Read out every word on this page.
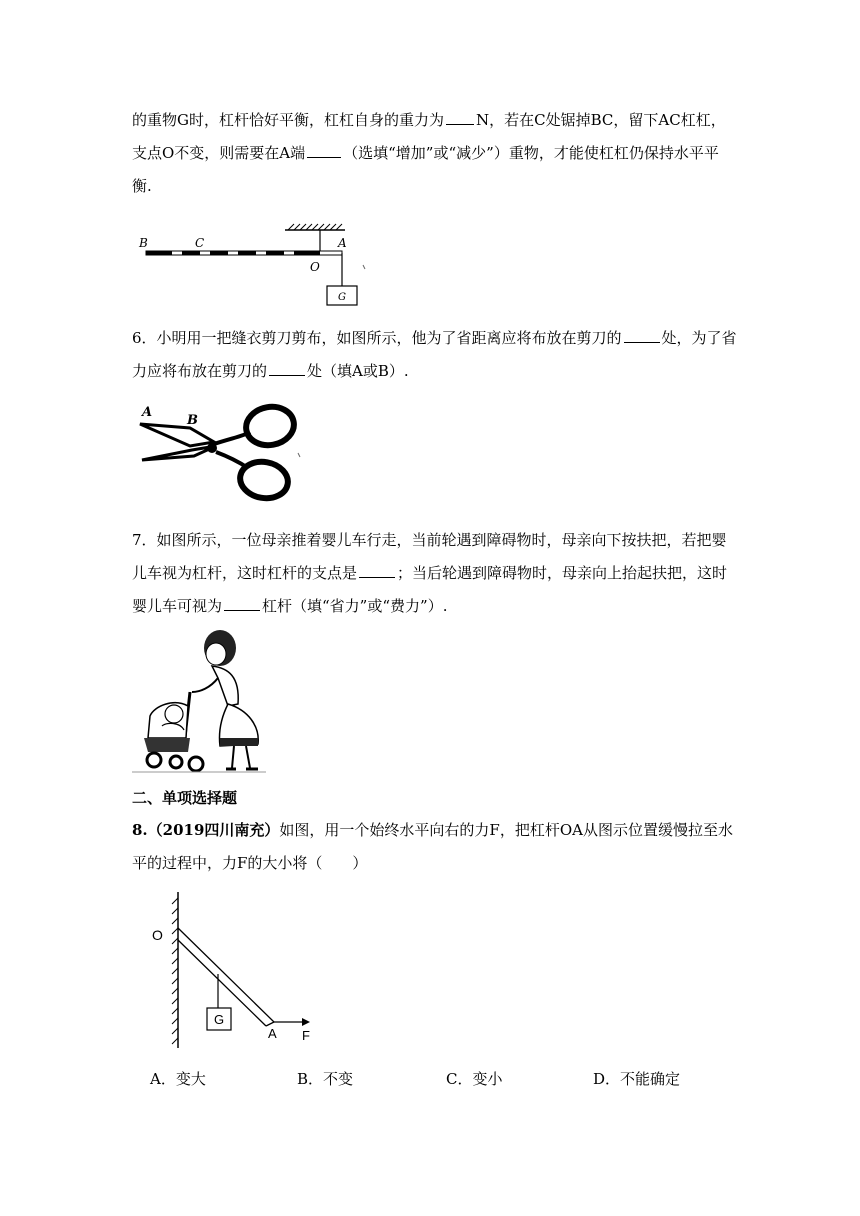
的重物G时，杠杆恰好平衡，杠杠自身的重力为 N，若在C处锯掉BC，留下AC杠杠，
支点O不变，则需要在A端	（选填“增加”或“减少”）重物，才能使杠杠仍保持水平平
衡.
G
B	C
O
A
6．小明用一把缝衣剪刀剪布，如图所示，他为了省距离应将布放在剪刀的	处，为了省
力应将布放在剪刀的	处（填A或B）.
A
B
7．如图所示，一位母亲推着婴儿车行走，当前轮遇到障碍物时，母亲向下按扶把，若把婴
儿车视为杠杆，这时杠杆的支点是	；当后轮遇到障碍物时，母亲向上抬起扶把，这时
婴儿车可视为	杠杆（填“省力”或“费力”）.
二、单项选择题
8.（2019四川南充）如图，用一个始终水平向右的力F，把杠杆OA从图示位置缓慢拉至水
平的过程中，力F的大小将（　　）
G
O
A F
A．变大	B．不变	C．变小	D．不能确定
